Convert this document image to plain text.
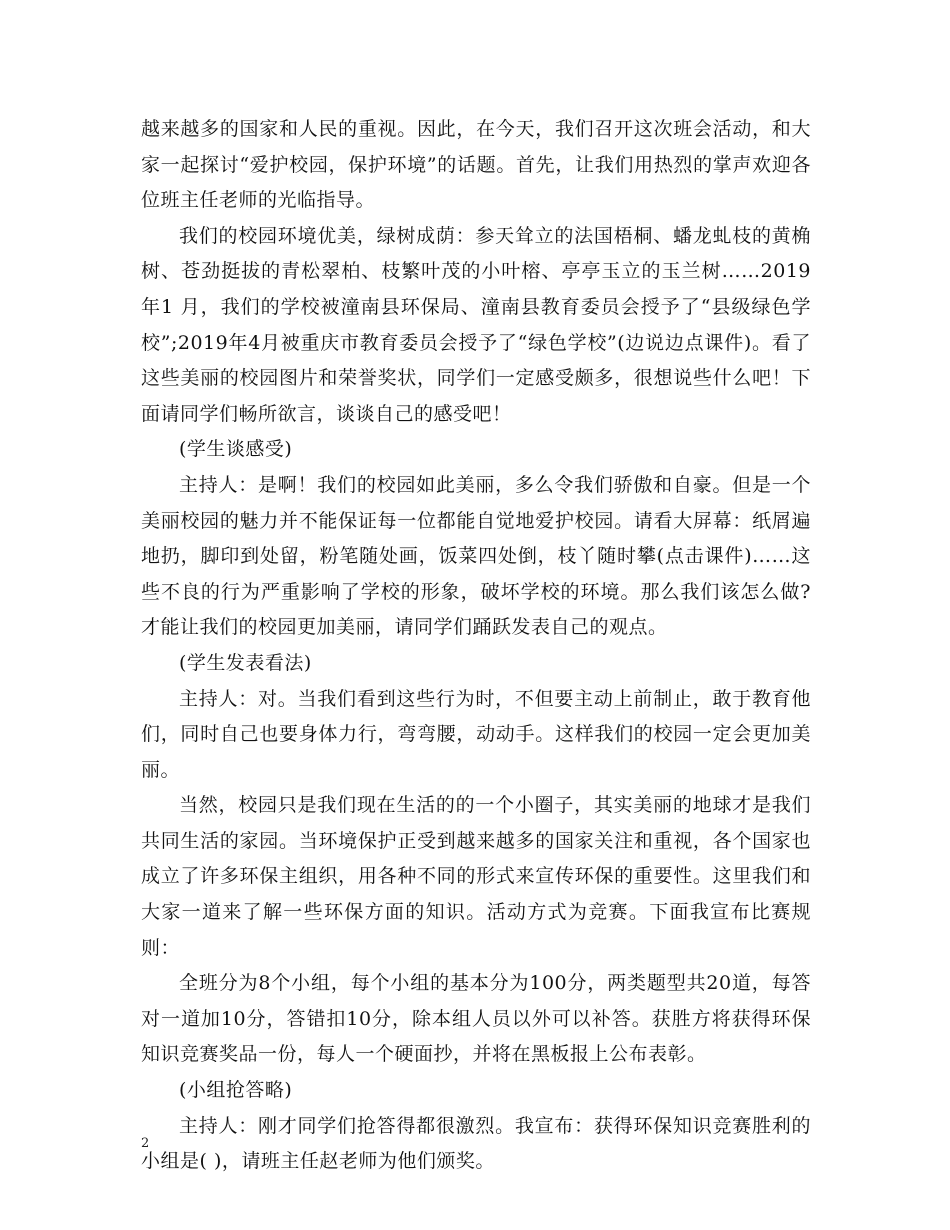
越来越多的国家和人民的重视。因此，在今天，我们召开这次班会活动，和大家一起探讨“爱护校园，保护环境”的话题。首先，让我们用热烈的掌声欢迎各位班主任老师的光临指导。

我们的校园环境优美，绿树成荫：参天耸立的法国梧桐、蟠龙虬枝的黄桷树、苍劲挺拔的青松翠柏、枝繁叶茂的小叶榕、亭亭玉立的玉兰树……2019年1 月，我们的学校被潼南县环保局、潼南县教育委员会授予了“县级绿色学校”;2019年4月被重庆市教育委员会授予了“绿色学校”(边说边点课件)。看了这些美丽的校园图片和荣誉奖状，同学们一定感受颇多，很想说些什么吧！下面请同学们畅所欲言，谈谈自己的感受吧！

(学生谈感受)

主持人：是啊！我们的校园如此美丽，多么令我们骄傲和自豪。但是一个美丽校园的魅力并不能保证每一位都能自觉地爱护校园。请看大屏幕：纸屑遍地扔，脚印到处留，粉笔随处画，饭菜四处倒，枝丫随时攀(点击课件)……这些不良的行为严重影响了学校的形象，破坏学校的环境。那么我们该怎么做?才能让我们的校园更加美丽，请同学们踊跃发表自己的观点。

(学生发表看法)

主持人：对。当我们看到这些行为时，不但要主动上前制止，敢于教育他们，同时自己也要身体力行，弯弯腰，动动手。这样我们的校园一定会更加美丽。

当然，校园只是我们现在生活的的一个小圈子，其实美丽的地球才是我们共同生活的家园。当环境保护正受到越来越多的国家关注和重视，各个国家也成立了许多环保主组织，用各种不同的形式来宣传环保的重要性。这里我们和大家一道来了解一些环保方面的知识。活动方式为竞赛。下面我宣布比赛规则：

全班分为8个小组，每个小组的基本分为100分，两类题型共20道，每答对一道加10分，答错扣10分，除本组人员以外可以补答。获胜方将获得环保知识竞赛奖品一份，每人一个硬面抄，并将在黑板报上公布表彰。

(小组抢答略)

主持人：刚才同学们抢答得都很激烈。我宣布：获得环保知识竞赛胜利的小组是( )，请班主任赵老师为他们颁奖。

2
